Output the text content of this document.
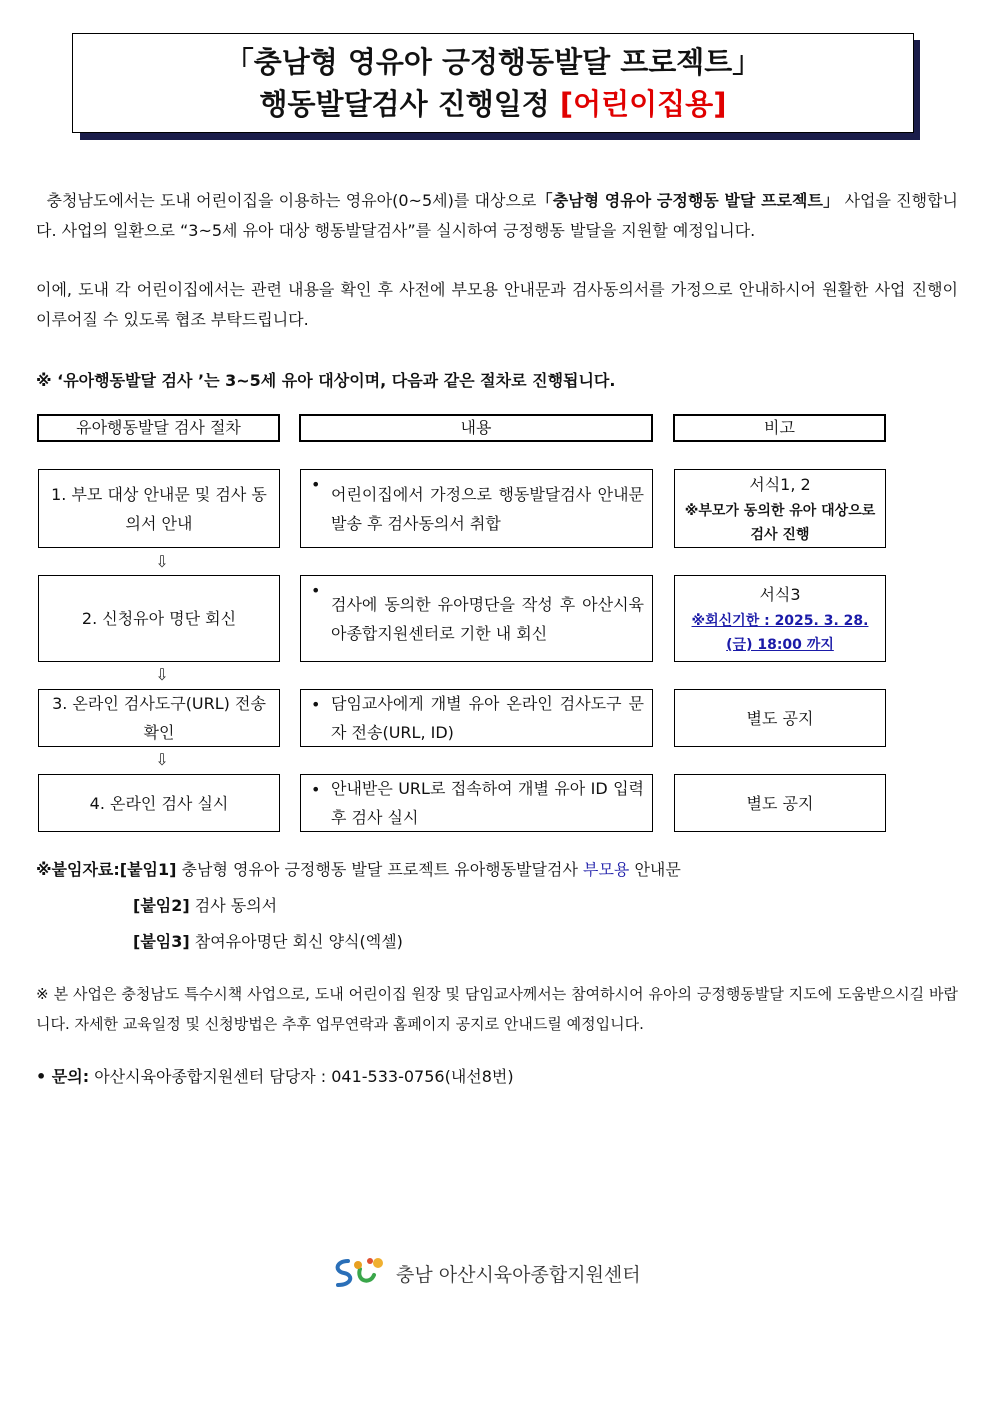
「충남형 영유아 긍정행동발달 프로젝트」
행동발달검사 진행일정 [어린이집용]
충청남도에서는 도내 어린이집을 이용하는 영유아(0~5세)를 대상으로「충남형 영유아 긍정행동 발달 프로젝트」 사업을 진행합니다. 사업의 일환으로 “3~5세 유아 대상 행동발달검사”를 실시하여 긍정행동 발달을 지원할 예정입니다.
이에, 도내 각 어린이집에서는 관련 내용을 확인 후 사전에 부모용 안내문과 검사동의서를 가정으로 안내하시어 원활한 사업 진행이 이루어질 수 있도록 협조 부탁드립니다.
※ ‘유아행동발달 검사 ’는 3~5세 유아 대상이며, 다음과 같은 절차로 진행됩니다.
유아행동발달 검사 절차	내용	비고
1. 부모 대상 안내문 및 검사 동의서 안내
• 어린이집에서 가정으로 행동발달검사 안내문 발송 후 검사동의서 취합
서식1, 2
※부모가 동의한 유아 대상으로 검사 진행
⇩
2. 신청유아 명단 회신
•
검사에 동의한 유아명단을 작성 후 아산시육아종합지원센터로 기한 내 회신
서식3
※회신기한 : 2025. 3. 28.(금) 18:00 까지
⇩
3. 온라인 검사도구(URL) 전송 확인
• 담임교사에게 개별 유아 온라인 검사도구 문자 전송(URL, ID)
별도 공지
⇩
4. 온라인 검사 실시
• 안내받은 URL로 접속하여 개별 유아 ID 입력 후 검사 실시
별도 공지
※붙임자료:[붙임1] 충남형 영유아 긍정행동 발달 프로젝트 유아행동발달검사 부모용 안내문
[붙임2] 검사 동의서
[붙임3] 참여유아명단 회신 양식(엑셀)
※ 본 사업은 충청남도 특수시책 사업으로, 도내 어린이집 원장 및 담임교사께서는 참여하시어 유아의 긍정행동발달 지도에 도움받으시길 바랍니다. 자세한 교육일정 및 신청방법은 추후 업무연락과 홈페이지 공지로 안내드릴 예정입니다.
• 문의: 아산시육아종합지원센터 담당자 : 041-533-0756(내선8번)
충남 아산시육아종합지원센터
